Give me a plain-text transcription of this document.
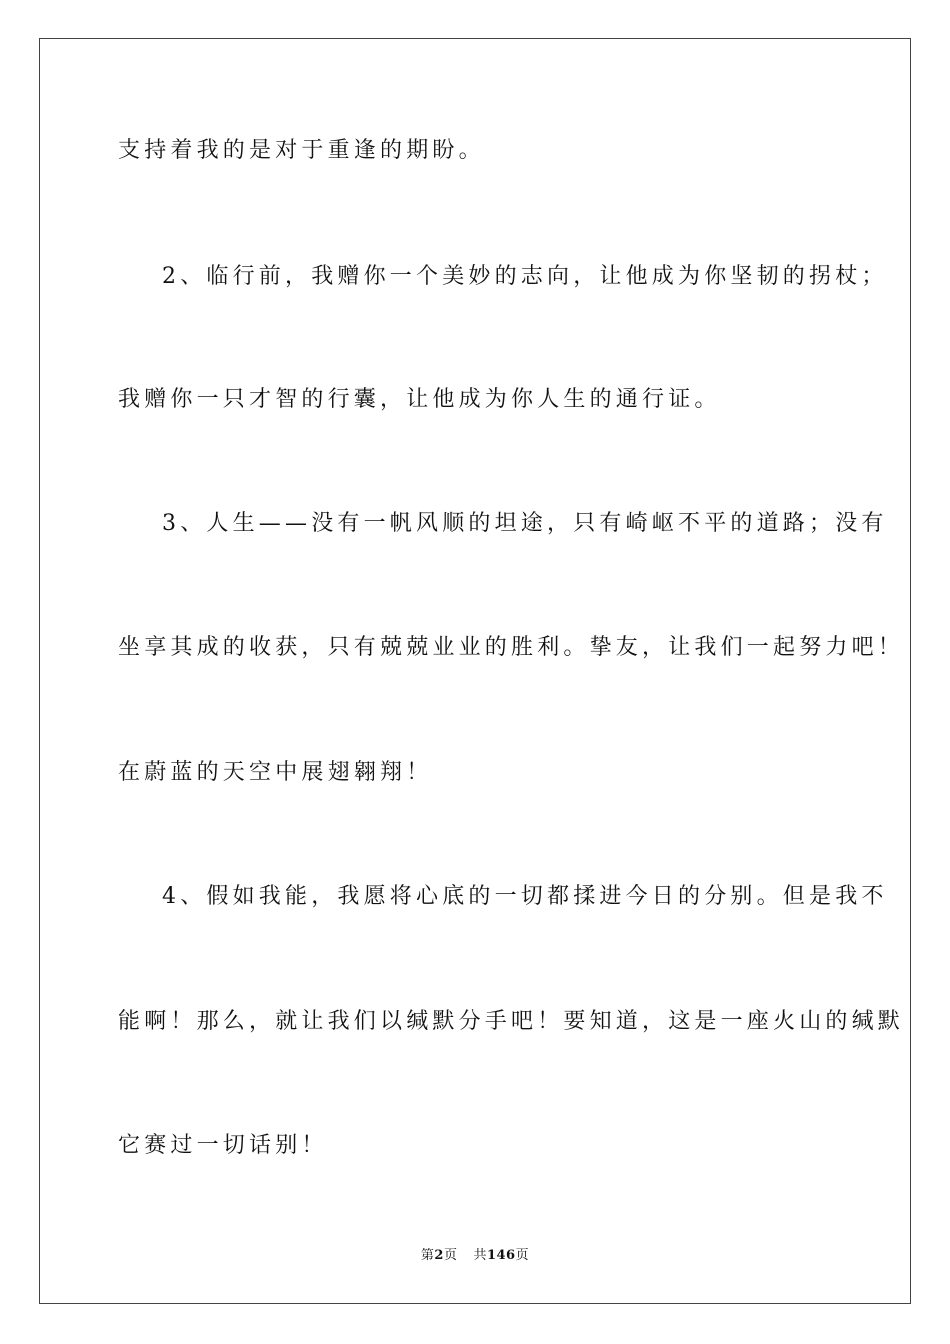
支持着我的是对于重逢的期盼。
2、临行前，我赠你一个美妙的志向，让他成为你坚韧的拐杖；
我赠你一只才智的行囊，让他成为你人生的通行证。
3、人生——没有一帆风顺的坦途，只有崎岖不平的道路；没有
坐享其成的收获，只有兢兢业业的胜利。挚友，让我们一起努力吧！
在蔚蓝的天空中展翅翱翔！
4、假如我能，我愿将心底的一切都揉进今日的分别。但是我不
能啊！那么，就让我们以缄默分手吧！要知道，这是一座火山的缄默
它赛过一切话别！
第2页 共146页
